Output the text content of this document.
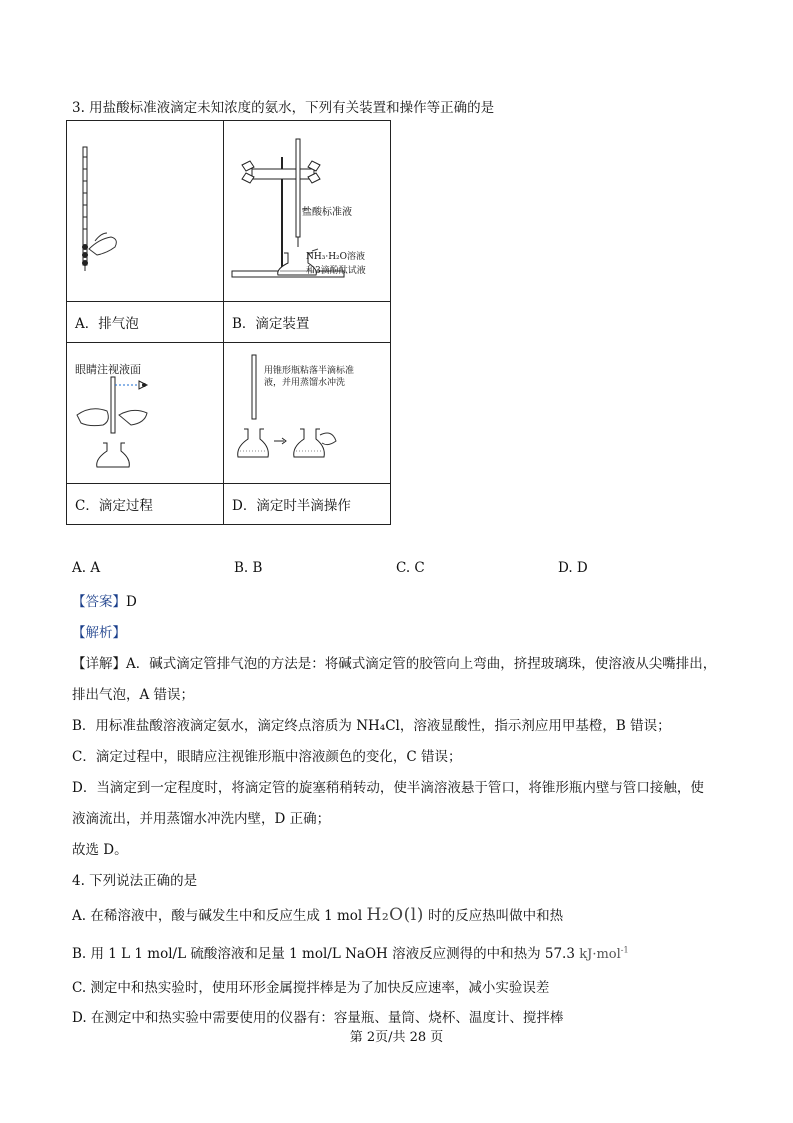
3. 用盐酸标准液滴定未知浓度的氨水，下列有关装置和操作等正确的是

盐酸标准液
NH₃·H₂O溶液
和3滴酚酞试液

A．排气泡	B．滴定装置

眼睛注视液面	用锥形瓶粘落半滴标准
液，并用蒸馏水冲洗

C．滴定过程	D．滴定时半滴操作
A. A	B. B	C. C	D. D
【答案】D
【解析】
【详解】A．碱式滴定管排气泡的方法是：将碱式滴定管的胶管向上弯曲，挤捏玻璃珠，使溶液从尖嘴排出，
排出气泡，A 错误；
B．用标准盐酸溶液滴定氨水，滴定终点溶质为 NH₄Cl，溶液显酸性，指示剂应用甲基橙，B 错误；
C．滴定过程中，眼睛应注视锥形瓶中溶液颜色的变化，C 错误；
D．当滴定到一定程度时，将滴定管的旋塞稍稍转动，使半滴溶液悬于管口，将锥形瓶内壁与管口接触，使
液滴流出，并用蒸馏水冲洗内壁，D 正确；
故选 D。
4. 下列说法正确的是
A. 在稀溶液中，酸与碱发生中和反应生成 1 mol H₂O(l) 时的反应热叫做中和热
B. 用 1 L 1 mol/L 硫酸溶液和足量 1 mol/L NaOH 溶液反应测得的中和热为 57.3 kJ·mol$^{-1}$
C. 测定中和热实验时，使用环形金属搅拌棒是为了加快反应速率，减小实验误差
D. 在测定中和热实验中需要使用的仪器有：容量瓶、量筒、烧杯、温度计、搅拌棒
第 2页/共 28 页
